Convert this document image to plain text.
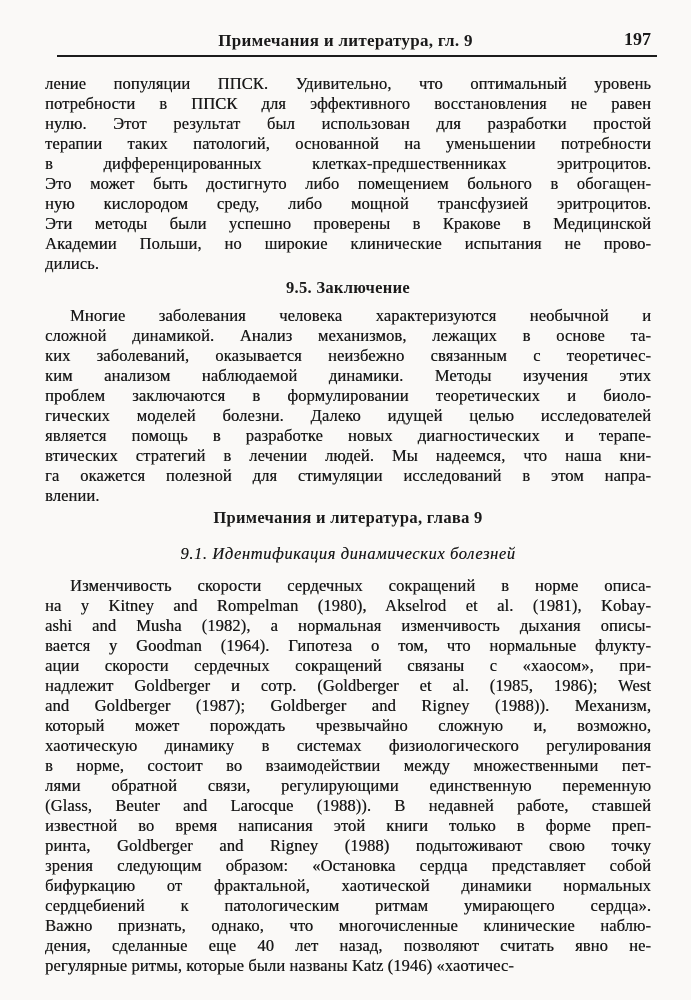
Примечания и литература, гл. 9	197
ление популяции ППСК. Удивительно, что оптимальный уровень
потребности в ППСК для эффективного восстановления не равен
нулю. Этот результат был использован для разработки простой
терапии таких патологий, основанной на уменьшении потребности
в дифференцированных клетках-предшественниках эритроцитов.
Это может быть достигнуто либо помещением больного в обогащен-
ную кислородом среду, либо мощной трансфузией эритроцитов.
Эти методы были успешно проверены в Кракове в Медицинской
Академии Польши, но широкие клинические испытания не прово-
дились.
9.5. Заключение
Многие заболевания человека характеризуются необычной и
сложной динамикой. Анализ механизмов, лежащих в основе та-
ких заболеваний, оказывается неизбежно связанным с теоретичес-
ким анализом наблюдаемой динамики. Методы изучения этих
проблем заключаются в формулировании теоретических и биоло-
гических моделей болезни. Далеко идущей целью исследователей
является помощь в разработке новых диагностических и терапе-
втических стратегий в лечении людей. Мы надеемся, что наша кни-
га окажется полезной для стимуляции исследований в этом напра-
влении.
Примечания и литература, глава 9
9.1. Идентификация динамических болезней
Изменчивость скорости сердечных сокращений в норме описа-
на у Kitney and Rompelman (1980), Akselrod et al. (1981), Kobay-
ashi and Musha (1982), а нормальная изменчивость дыхания описы-
вается у Goodman (1964). Гипотеза о том, что нормальные флукту-
ации скорости сердечных сокращений связаны с «хаосом», при-
надлежит Goldberger и сотр. (Goldberger et al. (1985, 1986); West
and Goldberger (1987); Goldberger and Rigney (1988)). Механизм,
который может порождать чрезвычайно сложную и, возможно,
хаотическую динамику в системах физиологического регулирования
в норме, состоит во взаимодействии между множественными пет-
лями обратной связи, регулирующими единственную переменную
(Glass, Beuter and Larocque (1988)). В недавней работе, ставшей
известной во время написания этой книги только в форме преп-
ринта, Goldberger and Rigney (1988) подытоживают свою точку
зрения следующим образом: «Остановка сердца представляет собой
бифуркацию от фрактальной, хаотической динамики нормальных
сердцебиений к патологическим ритмам умирающего сердца».
Важно признать, однако, что многочисленные клинические наблю-
дения, сделанные еще 40 лет назад, позволяют считать явно не-
регулярные ритмы, которые были названы Katz (1946) «хаотичес-
